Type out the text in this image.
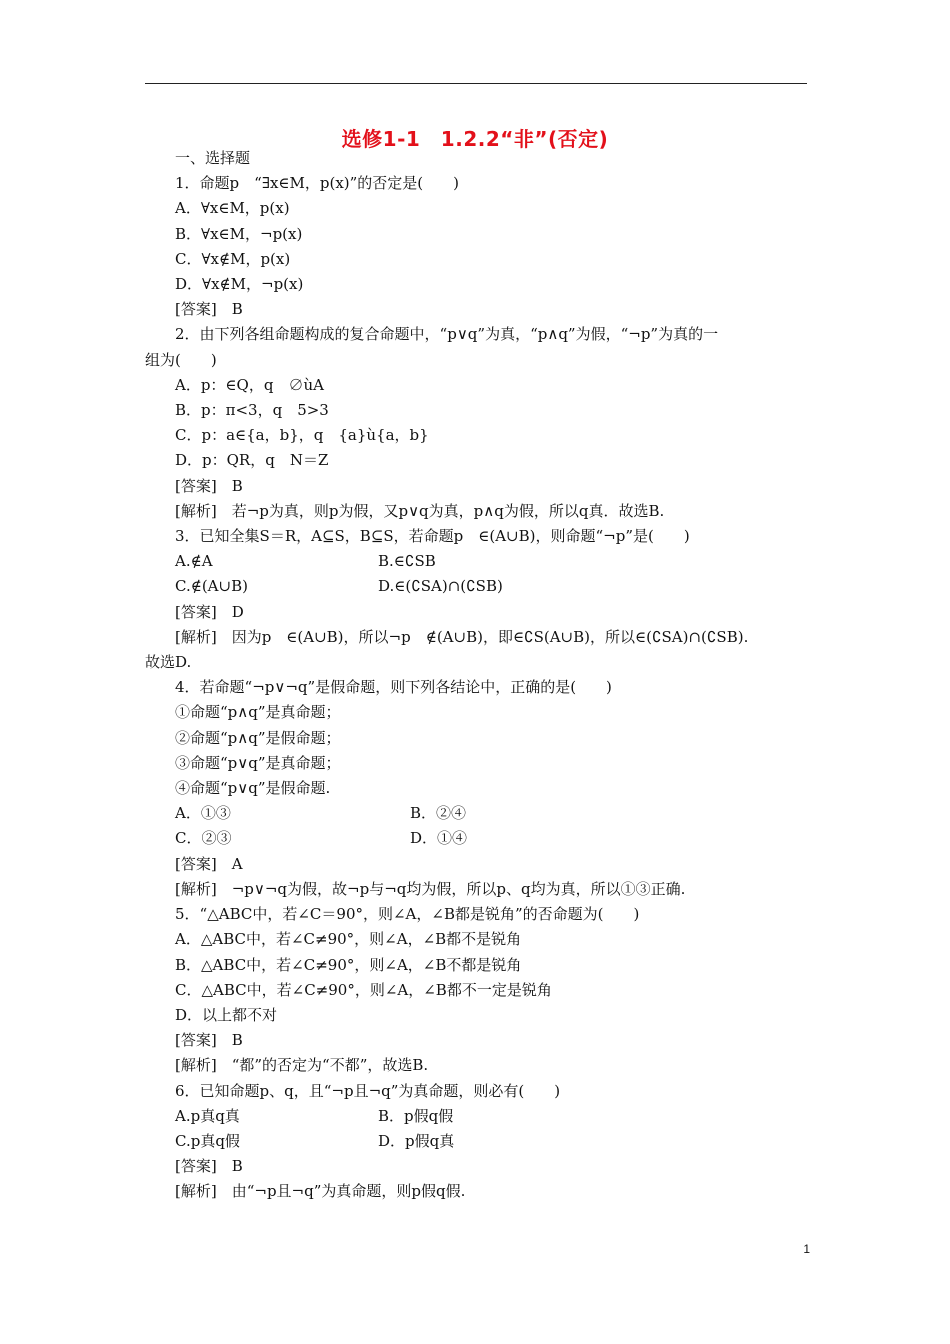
选修1-1　1.2.2“非”(否定)
一、选择题
1．命题p　“∃x∈M，p(x)”的否定是(　　)
A．∀x∈M，p(x)
B．∀x∈M，¬p(x)
C．∀x∉M，p(x)
D．∀x∉M，¬p(x)
[答案]　B
2．由下列各组命题构成的复合命题中，“p∨q”为真，“p∧q”为假，“¬p”为真的一
组为(　　)
A．p：∈Q，q　∅ùA
B．p：π<3，q　5>3
C．p：a∈{a，b}，q　{a}ù{a，b}
D．p：QR，q　N＝Z
[答案]　B
[解析]　若¬p为真，则p为假，又p∨q为真，p∧q为假，所以q真．故选B.
3．已知全集S＝R，A⊆S，B⊆S，若命题p　∈(A∪B)，则命题“¬p”是(　　)
A.∉A	B.∈∁SB
C.∉(A∪B)	D.∈(∁SA)∩(∁SB)
[答案]　D
[解析]　因为p　∈(A∪B)，所以¬p　∉(A∪B)，即∈∁S(A∪B)，所以∈(∁SA)∩(∁SB).
故选D.
4．若命题“¬p∨¬q”是假命题，则下列各结论中，正确的是(　　)
①命题“p∧q”是真命题；
②命题“p∧q”是假命题；
③命题“p∨q”是真命题；
④命题“p∨q”是假命题.
A．①③	B．②④
C．②③	D．①④
[答案]　A
[解析]　¬p∨¬q为假，故¬p与¬q均为假，所以p、q均为真，所以①③正确.
5．“△ABC中，若∠C＝90°，则∠A，∠B都是锐角”的否命题为(　　)
A．△ABC中，若∠C≠90°，则∠A，∠B都不是锐角
B．△ABC中，若∠C≠90°，则∠A，∠B不都是锐角
C．△ABC中，若∠C≠90°，则∠A，∠B都不一定是锐角
D．以上都不对
[答案]　B
[解析]　“都”的否定为“不都”，故选B.
6．已知命题p、q，且“¬p且¬q”为真命题，则必有(　　)
A.p真q真	B．p假q假
C.p真q假	D．p假q真
[答案]　B
[解析]　由“¬p且¬q”为真命题，则p假q假.
1
